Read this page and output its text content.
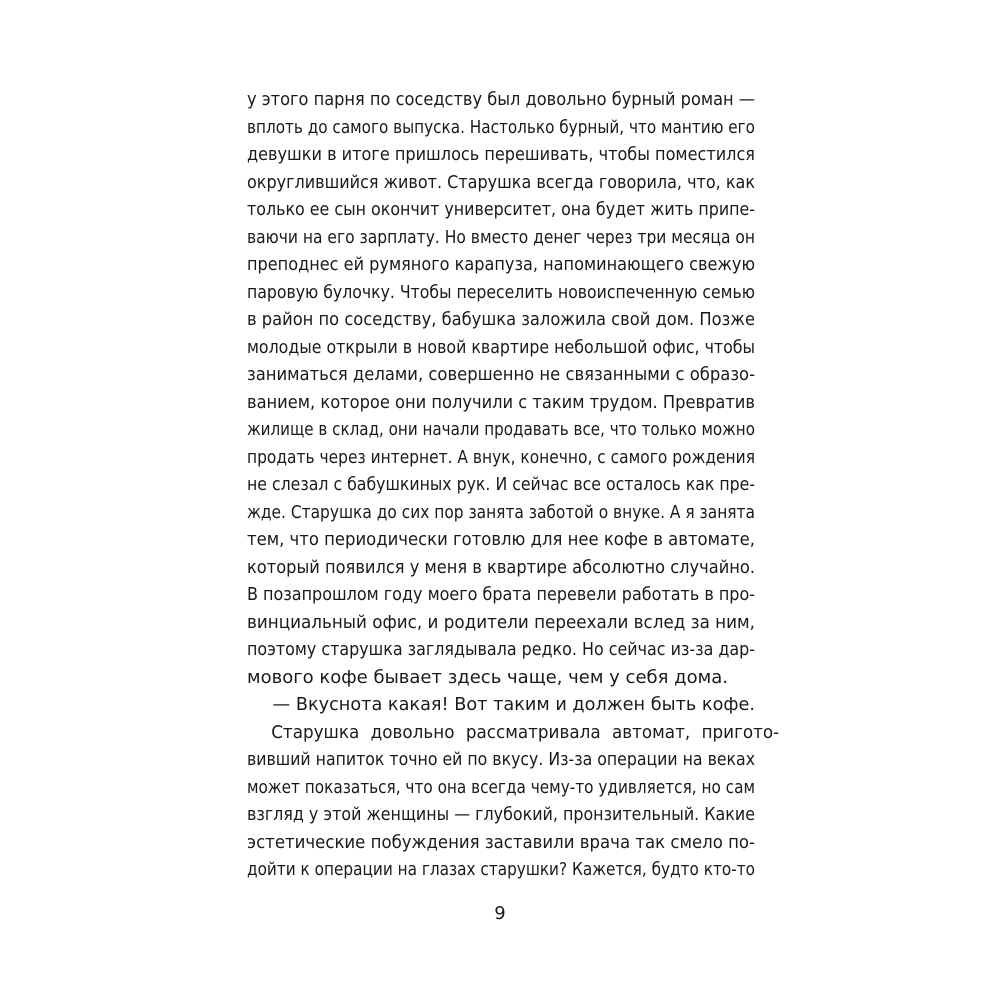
у этого парня по соседству был довольно бурный роман —
вплоть до самого выпуска. Настолько бурный, что мантию его
девушки в итоге пришлось перешивать, чтобы поместился
округлившийся живот. Старушка всегда говорила, что, как
только ее сын окончит университет, она будет жить припе-
ваючи на его зарплату. Но вместо денег через три месяца он
преподнес ей румяного карапуза, напоминающего свежую
паровую булочку. Чтобы переселить новоиспеченную семью
в район по соседству, бабушка заложила свой дом. Позже
молодые открыли в новой квартире небольшой офис, чтобы
заниматься делами, совершенно не связанными с образо-
ванием, которое они получили с таким трудом. Превратив
жилище в склад, они начали продавать все, что только можно
продать через интернет. А внук, конечно, с самого рождения
не слезал с бабушкиных рук. И сейчас все осталось как пре-
жде. Старушка до сих пор занята заботой о внуке. А я занята
тем, что периодически готовлю для нее кофе в автомате,
который появился у меня в квартире абсолютно случайно.
В позапрошлом году моего брата перевели работать в про-
винциальный офис, и родители переехали вслед за ним,
поэтому старушка заглядывала редко. Но сейчас из-за дар-
мового кофе бывает здесь чаще, чем у себя дома.
— Вкуснота какая! Вот таким и должен быть кофе.
Старушка довольно рассматривала автомат, пригото-
вивший напиток точно ей по вкусу. Из-за операции на веках
может показаться, что она всегда чему-то удивляется, но сам
взгляд у этой женщины — глубокий, пронзительный. Какие
эстетические побуждения заставили врача так смело по-
дойти к операции на глазах старушки? Кажется, будто кто-то
9
